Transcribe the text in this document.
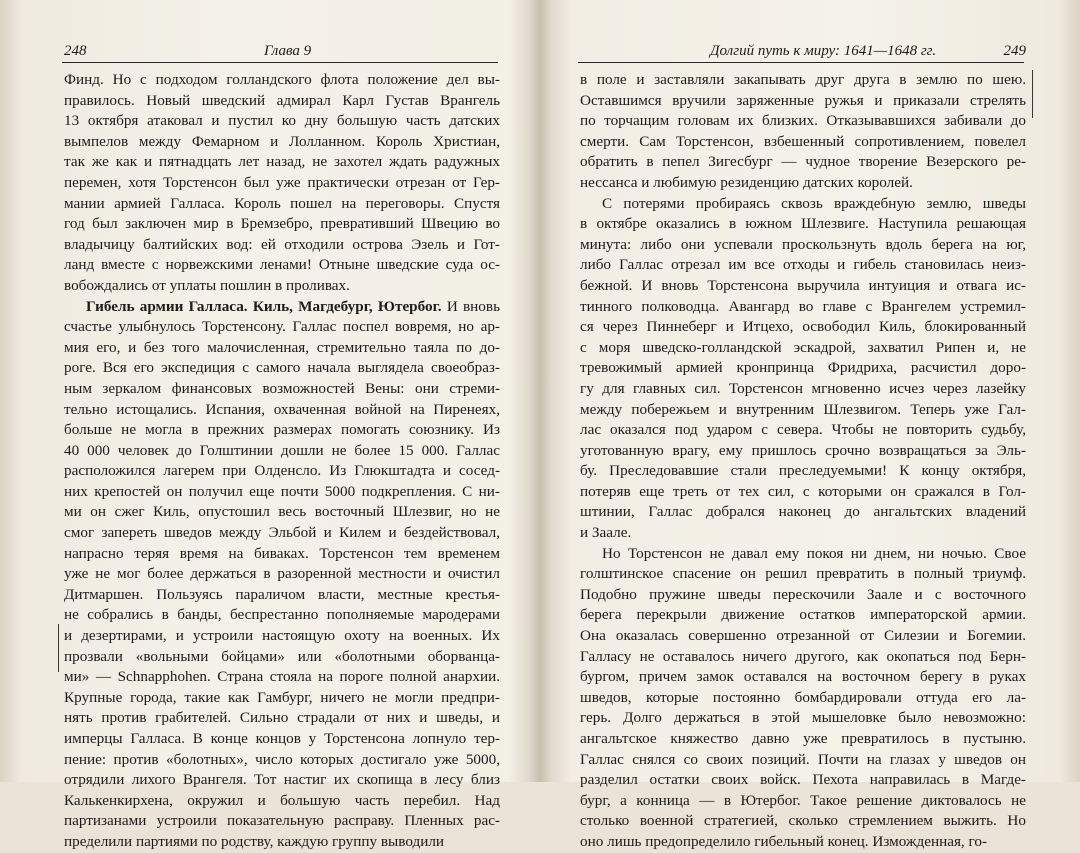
248	Глава 9
Финд. Но с подходом голландского флота положение дел вы-
правилось. Новый шведский адмирал Карл Густав Врангель
13 октября атаковал и пустил ко дну большую часть датских
вымпелов между Фемарном и Лолланном. Король Христиан,
так же как и пятнадцать лет назад, не захотел ждать радужных
перемен, хотя Торстенсон был уже практически отрезан от Гер-
мании армией Галласа. Король пошел на переговоры. Спустя
год был заключен мир в Бремзебро, превративший Швецию во
владычицу балтийских вод: ей отходили острова Эзель и Гот-
ланд вместе с норвежскими ленами! Отныне шведские суда ос-
вобождались от уплаты пошлин в проливах.
Гибель армии Галласа. Киль, Магдебург, Ютербог. И вновь
счастье улыбнулось Торстенсону. Галлас поспел вовремя, но ар-
мия его, и без того малочисленная, стремительно таяла по до-
роге. Вся его экспедиция с самого начала выглядела своеобраз-
ным зеркалом финансовых возможностей Вены: они стреми-
тельно истощались. Испания, охваченная войной на Пиренеях,
больше не могла в прежних размерах помогать союзнику. Из
40 000 человек до Голштинии дошли не более 15 000. Галлас
расположился лагерем при Олденсло. Из Глюкштадта и сосед-
них крепостей он получил еще почти 5000 подкрепления. С ни-
ми он сжег Киль, опустошил весь восточный Шлезвиг, но не
смог запереть шведов между Эльбой и Килем и бездействовал,
напрасно теряя время на биваках. Торстенсон тем временем
уже не мог более держаться в разоренной местности и очистил
Дитмаршен. Пользуясь параличом власти, местные крестья-
не собрались в банды, беспрестанно пополняемые мародерами
и дезертирами, и устроили настоящую охоту на военных. Их
прозвали «вольными бойцами» или «болотными оборванца-
ми» — Schnapphohen. Страна стояла на пороге полной анархии.
Крупные города, такие как Гамбург, ничего не могли предпри-
нять против грабителей. Сильно страдали от них и шведы, и
имперцы Галласа. В конце концов у Торстенсона лопнуло тер-
пение: против «болотных», число которых достигало уже 5000,
отрядили лихого Врангеля. Тот настиг их скопища в лесу близ
Калькенкирхена, окружил и большую часть перебил. Над
партизанами устроили показательную расправу. Пленных рас-
пределили партиями по родству, каждую группу выводили
Долгий путь к миру: 1641—1648 гг.	249
в поле и заставляли закапывать друг друга в землю по шею.
Оставшимся вручили заряженные ружья и приказали стрелять
по торчащим головам их близких. Отказывавшихся забивали до
смерти. Сам Торстенсон, взбешенный сопротивлением, повелел
обратить в пепел Зигесбург — чудное творение Везерского ре-
нессанса и любимую резиденцию датских королей.
С потерями пробираясь сквозь враждебную землю, шведы
в октябре оказались в южном Шлезвиге. Наступила решающая
минута: либо они успевали проскользнуть вдоль берега на юг,
либо Галлас отрезал им все отходы и гибель становилась неиз-
бежной. И вновь Торстенсона выручила интуиция и отвага ис-
тинного полководца. Авангард во главе с Врангелем устремил-
ся через Пиннеберг и Итцехо, освободил Киль, блокированный
с моря шведско-голландской эскадрой, захватил Рипен и, не
тревожимый армией кронпринца Фридриха, расчистил доро-
гу для главных сил. Торстенсон мгновенно исчез через лазейку
между побережьем и внутренним Шлезвигом. Теперь уже Гал-
лас оказался под ударом с севера. Чтобы не повторить судьбу,
уготованную врагу, ему пришлось срочно возвращаться за Эль-
бу. Преследовавшие стали преследуемыми! К концу октября,
потеряв еще треть от тех сил, с которыми он сражался в Гол-
штинии, Галлас добрался наконец до ангальтских владений
и Заале.
Но Торстенсон не давал ему покоя ни днем, ни ночью. Свое
голштинское спасение он решил превратить в полный триумф.
Подобно пружине шведы перескочили Заале и с восточного
берега перекрыли движение остатков императорской армии.
Она оказалась совершенно отрезанной от Силезии и Богемии.
Галласу не оставалось ничего другого, как окопаться под Берн-
бургом, причем замок оставался на восточном берегу в руках
шведов, которые постоянно бомбардировали оттуда его ла-
герь. Долго держаться в этой мышеловке было невозможно:
ангальтское княжество давно уже превратилось в пустыню.
Галлас снялся со своих позиций. Почти на глазах у шведов он
разделил остатки своих войск. Пехота направилась в Магде-
бург, а конница — в Ютербог. Такое решение диктовалось не
столько военной стратегией, сколько стремлением выжить. Но
оно лишь предопределило гибельный конец. Изможденная, го-
